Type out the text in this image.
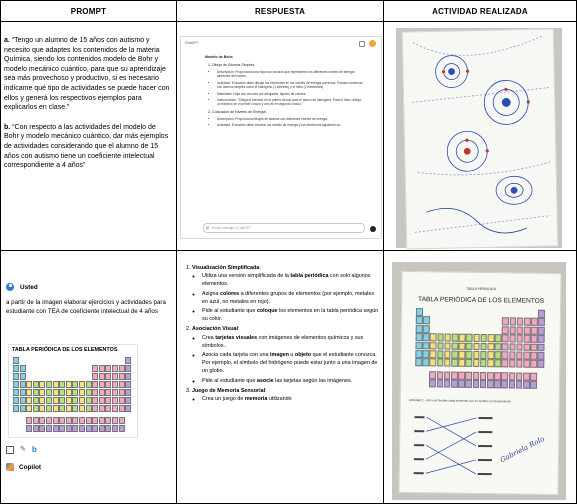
PROMPT	RESPUESTA	ACTIVIDAD REALIZADA

a. “Tengo un alumno de 15 años con autismo y necesito que adaptes los contenidos de la materia Química, siendo los contenidos modelo de Bohr y modelo mecánico cuántico, para que su aprendizaje sea más provechoso y productivo, si es necesario indícame qué tipo de actividades se puede hacer con ellos y generá los respectivos ejemplos para explicarlos en clase.”

b. “Con respecto a las actividades del modelo de Bohr y modelo mecánico cuántico, dar más ejemplos de actividades considerando que el alumno de 15 años con autismo tiene un coeficiente intelectual correspondiente a 4 años”

ChatGPT
Modelo de Bohr:
1. Dibujo de Átomos Simples:
• Descripción: Proporciona una hoja con círculos que representen los diferentes niveles de energía alrededor del núcleo.
• Actividad: El alumno debe dibujar los electrones en los niveles de energía correctos. Puedes comenzar con átomos simples como el hidrógeno (1 electrón) y el helio (2 electrones).
• Materiales: Hoja con círculos pre-dibujados, lápices de colores.
• Instrucciones: "Dibuja el electrón en el primer círculo para el átomo de hidrógeno. Para el helio, dibuja un electrón en el primer círculo y otro en el segundo círculo."
2. Coloración de Niveles de Energía:
• Descripción: Proporciona dibujos de átomos con diferentes niveles de energía.
• Actividad: El alumno debe colorear los niveles de energía y los electrones siguiendo un...
⌀ Enviar mensaje a ChatGPT
Usted
a partir de la imagen elaborar ejercicios y actividades para estudiante con TEA de coeficiente intelectual de 4 años
TABLA PERIÓDICA DE LOS ELEMENTOS
✎ b
Copilot
1. Visualización Simplificada:
◦ Utiliza una versión simplificada de la tabla periódica con solo algunos elementos.
◦ Asigna colores a diferentes grupos de elementos (por ejemplo, metales en azul, no metales en rojo).
◦ Pide al estudiante que coloque los elementos en la tabla periódica según su color.
2. Asociación Visual:
◦ Crea tarjetas visuales con imágenes de elementos químicos y sus símbolos.
◦ Asocia cada tarjeta con una imagen u objeto que el estudiante conozca. Por ejemplo, el símbolo del hidrógeno puede estar junto a una imagen de un globo.
◦ Pide al estudiante que asocie las tarjetas según las imágenes.
3. Juego de Memoria Sensorial:
◦ Crea un juego de memoria utilizando
TABLA PERIÓDICA
TABLA PERIÓDICA DE LOS ELEMENTOS
Actividad 2 - Unir con flechas cada elemento con su nombre correspondiente
Gabriela Rolo
